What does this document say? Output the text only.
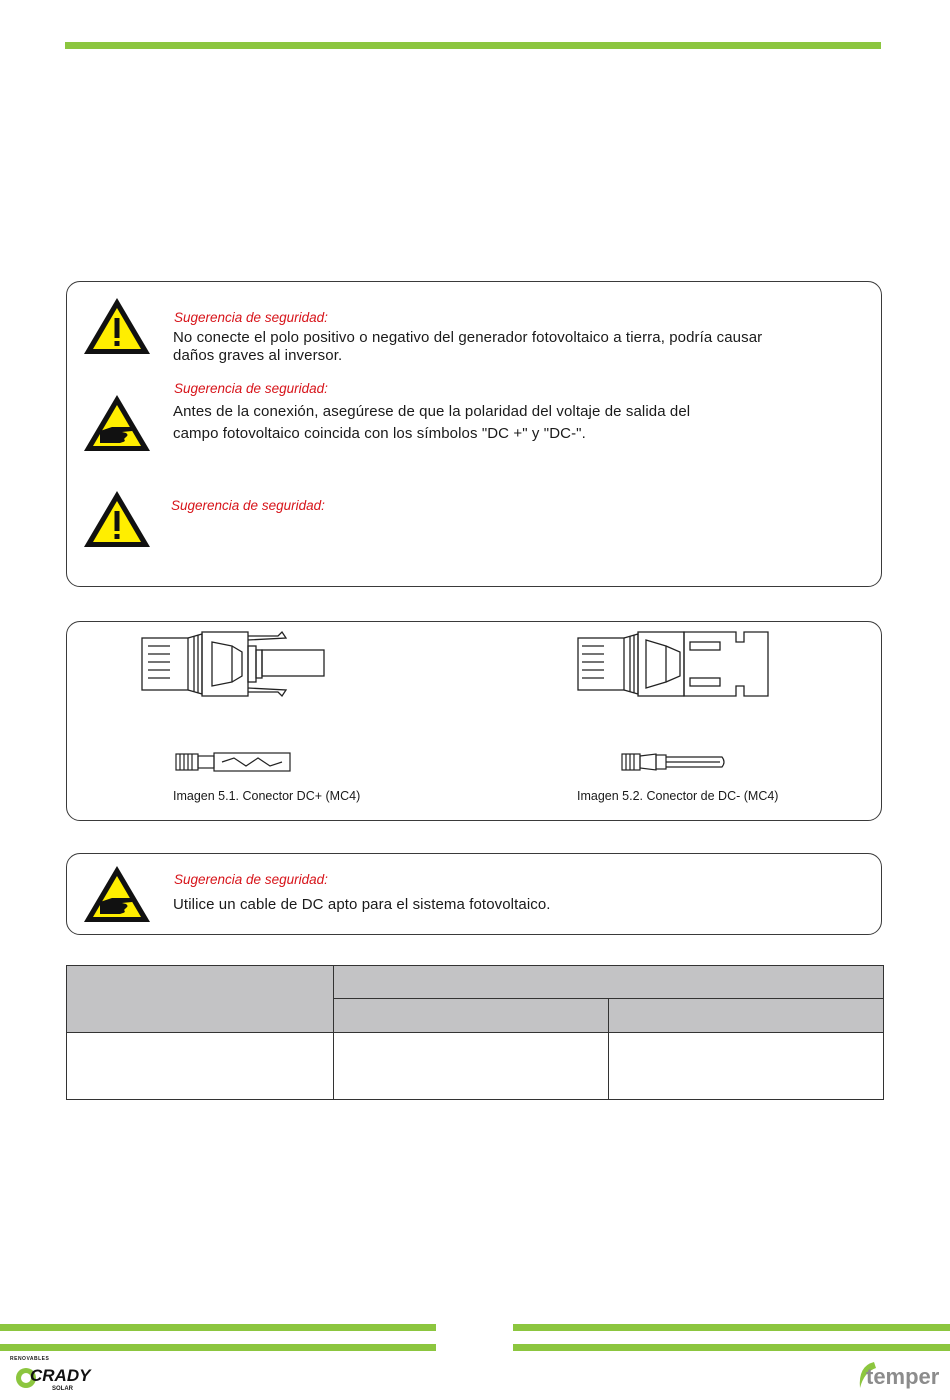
Sugerencia de seguridad:
No conecte el polo positivo o negativo del generador fotovoltaico a tierra, podría causar
daños graves al inversor.
Sugerencia de seguridad:
Antes de la conexión, asegúrese de que la polaridad del voltaje de salida del
campo fotovoltaico coincida con los símbolos "DC +" y "DC-".
Sugerencia de seguridad:
Imagen 5.1. Conector DC+ (MC4)	Imagen 5.2. Conector de DC- (MC4)
Sugerencia de seguridad:
Utilice un cable de DC apto para el sistema fotovoltaico.

RENOVABLES
CRADY
SOLAR	temper
